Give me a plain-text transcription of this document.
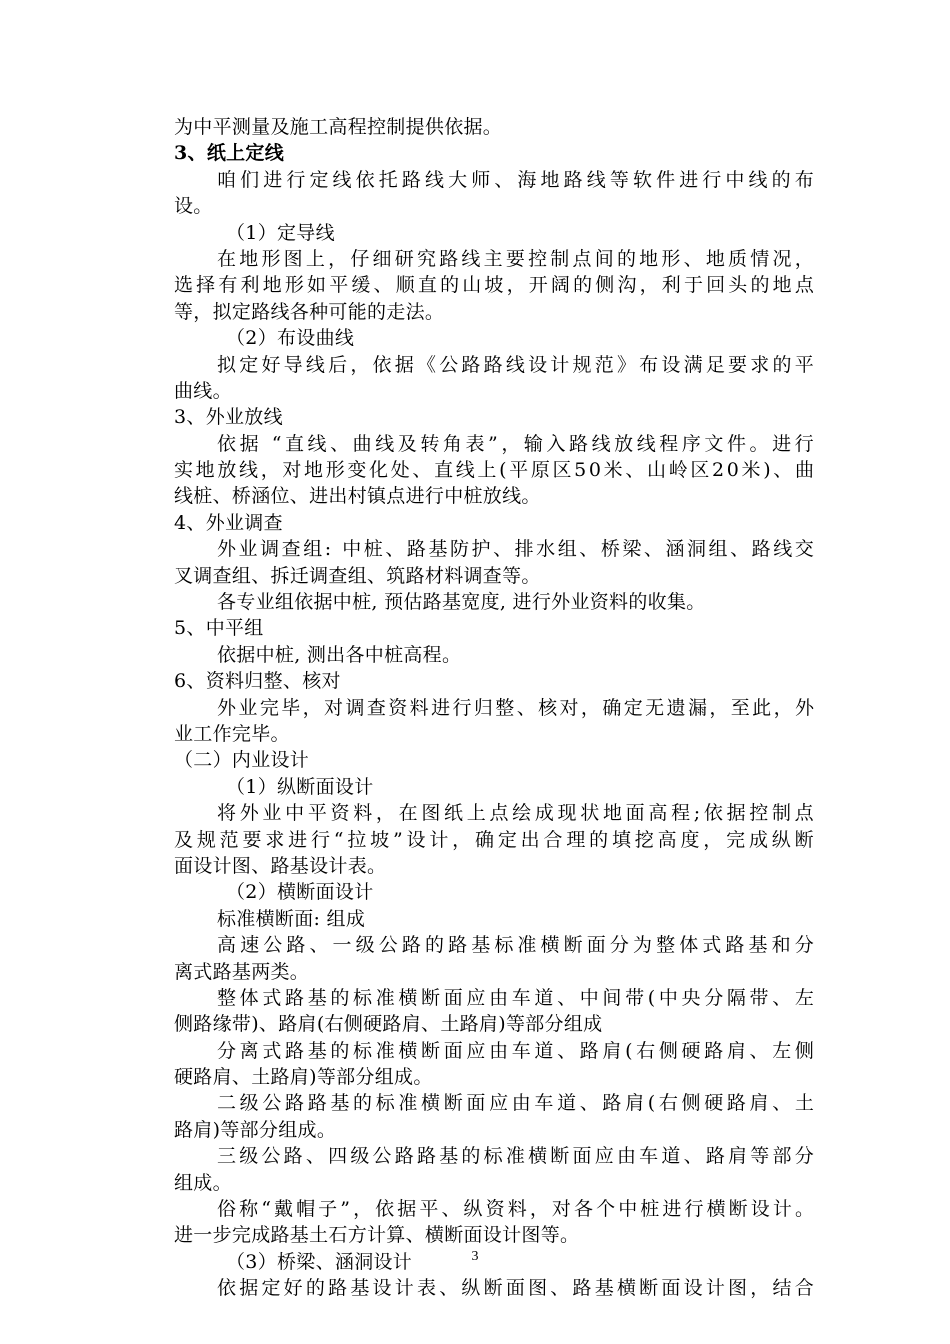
为中平测量及施工高程控制提供依据。
3、纸上定线
咱 们 进 行 定 线 依 托 路 线 大 师 、 海 地 路 线 等 软 件 进 行 中 线 的 布
设。
（1）定导线
在 地 形 图 上 ， 仔 细 研 究 路 线 主 要 控 制 点 间 的 地 形 、 地 质 情 况 ，
选 择 有 利 地 形 如 平 缓 、 顺 直 的 山 坡 ， 开 阔 的 侧 沟 ， 利 于 回 头 的 地 点
等，拟定路线各种可能的走法。
（2）布设曲线
拟 定 好 导 线 后 ， 依 据 《 公 路 路 线 设 计 规 范 》 布 设 满 足 要 求 的 平
曲线。
3、外业放线
依 据
“ 直 线 、 曲 线 及 转 角 表 ” ， 输 入 路 线 放 线 程 序 文 件 。 进 行
实 地 放 线 ， 对 地 形 变 化 处 、 直 线 上 ( 平 原 区 5 0 米 、 山 岭 区 2 0 米 ) 、 曲
线桩、桥涵位、进出村镇点进行中桩放线。
4、外业调查
外 业 调 查 组 :
中 桩 、 路 基 防 护 、 排 水 组 、 桥 梁 、 涵 洞 组 、 路 线 交
叉调查组、拆迁调查组、筑路材料调查等。
各专业组依据中桩, 预估路基宽度, 进行外业资料的收集。
5、中平组
依据中桩, 测出各中桩高程。
6、资料归整、核对
外 业 完 毕 ， 对 调 查 资 料 进 行 归 整 、 核 对 ， 确 定 无 遗 漏 ， 至 此 ， 外
业工作完毕。
（二）内业设计
（1）纵断面设计
将 外 业 中 平 资 料 ， 在 图 纸 上 点 绘 成 现 状 地 面 高 程 ; 依 据 控 制 点
及 规 范 要 求 进 行 “ 拉 坡 ” 设 计 ， 确 定 出 合 理 的 填 挖 高 度 ， 完 成 纵 断
面设计图、路基设计表。
（2）横断面设计
标准横断面: 组成
高 速 公 路 、 一 级 公 路 的 路 基 标 准 横 断 面 分 为 整 体 式 路 基 和 分
离式路基两类。
整 体 式 路 基 的 标 准 横 断 面 应 由 车 道 、 中 间 带 ( 中 央 分 隔 带 、 左
侧路缘带)、路肩(右侧硬路肩、土路肩)等部分组成
分 离 式 路 基 的 标 准 横 断 面 应 由 车 道 、 路 肩 ( 右 侧 硬 路 肩 、 左 侧
硬路肩、土路肩)等部分组成。
二 级 公 路 路 基 的 标 准 横 断 面 应 由 车 道 、 路 肩 ( 右 侧 硬 路 肩 、 土
路肩)等部分组成。
三 级 公 路 、 四 级 公 路 路 基 的 标 准 横 断 面 应 由 车 道 、 路 肩 等 部 分
组成。
俗 称 “ 戴 帽 子 ” ， 依 据 平 、 纵 资 料 ， 对 各 个 中 桩 进 行 横 断 设 计 。
进一步完成路基土石方计算、横断面设计图等。
（3）桥梁、涵洞设计
依 据 定 好 的 路 基 设 计 表 、 纵 断 面 图 、 路 基 横 断 面 设 计 图 ， 结 合
3
